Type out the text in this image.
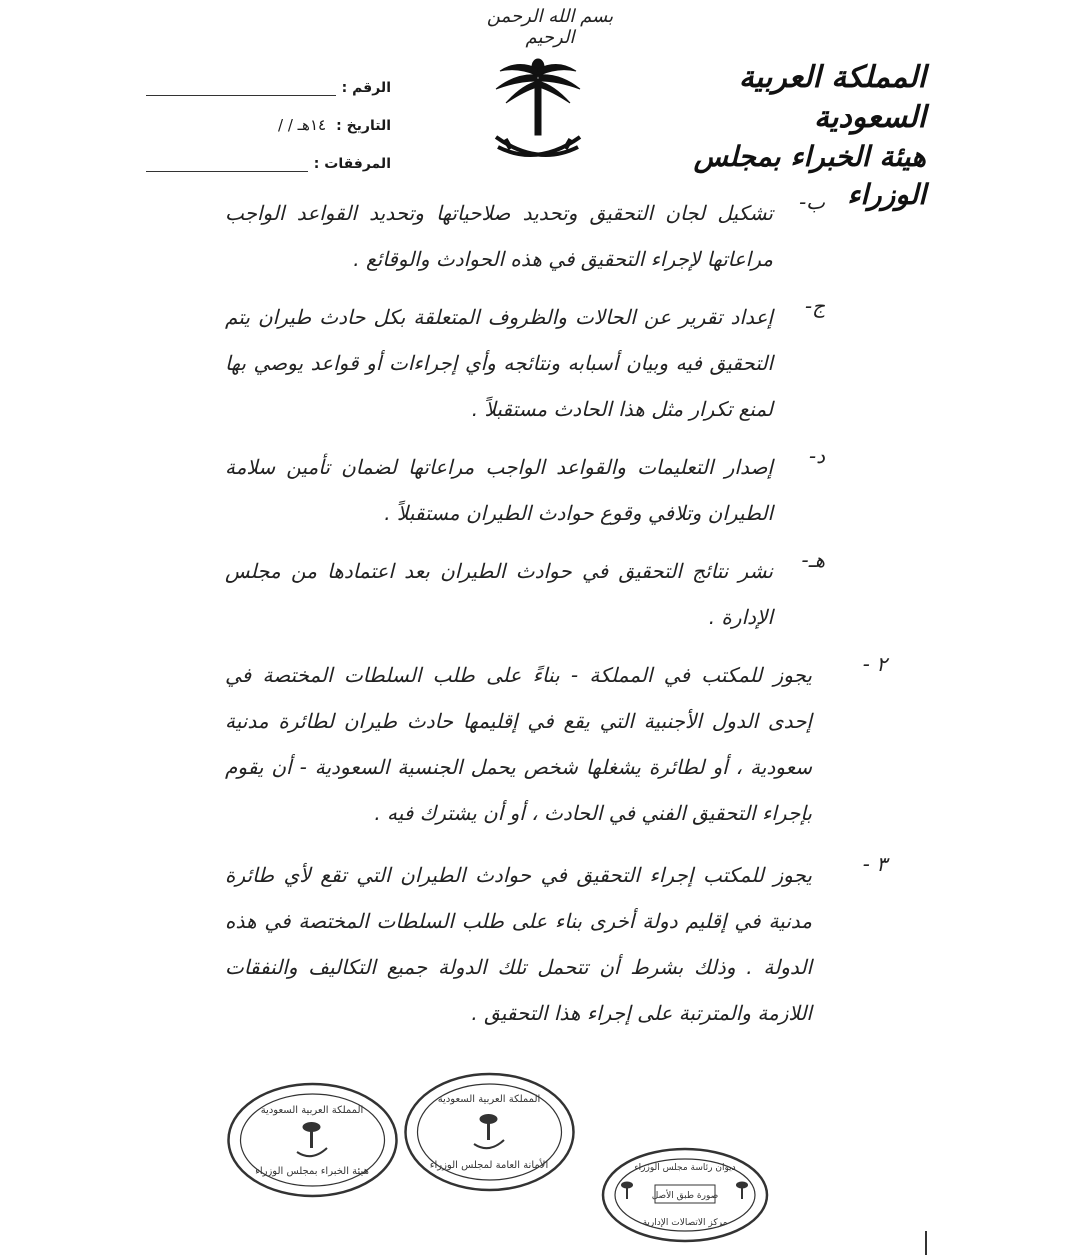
بسم الله الرحمن الرحيم
المملكة العربية السعودية
هيئة الخبراء بمجلس الوزراء
الرقم :
التاريخ :
١٤هـ / /
المرفقات :
ب-
تشكيل لجان التحقيق وتحديد صلاحياتها وتحديد القواعد الواجب مراعاتها لإجراء التحقيق في هذه الحوادث والوقائع .
ج-
إعداد تقرير عن الحالات والظروف المتعلقة بكل حادث طيران يتم التحقيق فيه وبيان أسبابه ونتائجه وأي إجراءات أو قواعد يوصي بها لمنع تكرار مثل هذا الحادث مستقبلاً .
د-
إصدار التعليمات والقواعد الواجب مراعاتها لضمان تأمين سلامة الطيران وتلافي وقوع حوادث الطيران مستقبلاً .
هـ-
نشر نتائج التحقيق في حوادث الطيران بعد اعتمادها من مجلس الإدارة .
٢ -
يجوز للمكتب في المملكة - بناءً على طلب السلطات المختصة في إحدى الدول الأجنبية التي يقع في إقليمها حادث طيران لطائرة مدنية سعودية ، أو لطائرة يشغلها شخص يحمل الجنسية السعودية - أن يقوم بإجراء التحقيق الفني في الحادث ، أو أن يشترك فيه .
٣ -
يجوز للمكتب إجراء التحقيق في حوادث الطيران التي تقع لأي طائرة مدنية في إقليم دولة أخرى بناء على طلب السلطات المختصة في هذه الدولة . وذلك بشرط أن تتحمل تلك الدولة جميع التكاليف والنفقات اللازمة والمترتبة على إجراء هذا التحقيق .
المملكة العربية السعودية
هيئة الخبراء بمجلس الوزراء
المملكة العربية السعودية
الأمانة العامة لمجلس الوزراء	ديوان رئاسة مجلس الوزراء
صورة طبق الأصل
مركز الاتصالات الإدارية
